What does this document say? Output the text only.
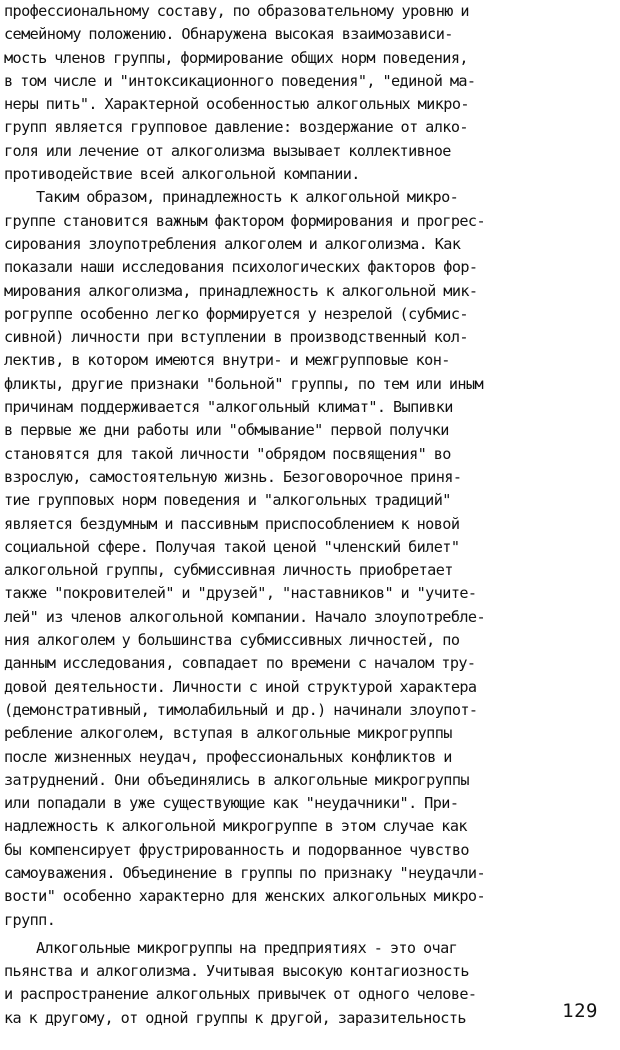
профессиональному составу, по образовательному уровню и
семейному положению. Обнаружена высокая взаимозависи-
мость членов группы, формирование общих норм поведения,
в том числе и "интоксикационного поведения", "единой ма-
неры пить". Характерной особенностью алкогольных микро-
групп является групповое давление: воздержание от алко-
голя или лечение от алкоголизма вызывает коллективное
противодействие всей алкогольной компании.
Таким образом, принадлежность к алкогольной микро-
группе становится важным фактором формирования и прогрес-
сирования злоупотребления алкоголем и алкоголизма. Как
показали наши исследования психологических факторов фор-
мирования алкоголизма, принадлежность к алкогольной мик-
рогруппе особенно легко формируется у незрелой (субмис-
сивной) личности при вступлении в производственный кол-
лектив, в котором имеются внутри- и межгрупповые кон-
фликты, другие признаки "больной" группы, по тем или иным
причинам поддерживается "алкогольный климат". Выпивки
в первые же дни работы или "обмывание" первой получки
становятся для такой личности "обрядом посвящения" во
взрослую, самостоятельную жизнь. Безоговорочное приня-
тие групповых норм поведения и "алкогольных традиций"
является бездумным и пассивным приспособлением к новой
социальной сфере. Получая такой ценой "членский билет"
алкогольной группы, субмиссивная личность приобретает
также "покровителей" и "друзей", "наставников" и "учите-
лей" из членов алкогольной компании. Начало злоупотребле-
ния алкоголем у большинства субмиссивных личностей, по
данным исследования, совпадает по времени с началом тру-
довой деятельности. Личности с иной структурой характера
(демонстративный, тимолабильный и др.) начинали злоупот-
ребление алкоголем, вступая в алкогольные микрогруппы
после жизненных неудач, профессиональных конфликтов и
затруднений. Они объединялись в алкогольные микрогруппы
или попадали в уже существующие как "неудачники". При-
надлежность к алкогольной микрогруппе в этом случае как
бы компенсирует фрустрированность и подорванное чувство
самоуважения. Объединение в группы по признаку "неудачли-
вости" особенно характерно для женских алкогольных микро-
групп.
Алкогольные микрогруппы на предприятиях - это очаг
пьянства и алкоголизма. Учитывая высокую контагиозность
и распространение алкогольных привычек от одного челове-
ка к другому, от одной группы к другой, заразительность	129
